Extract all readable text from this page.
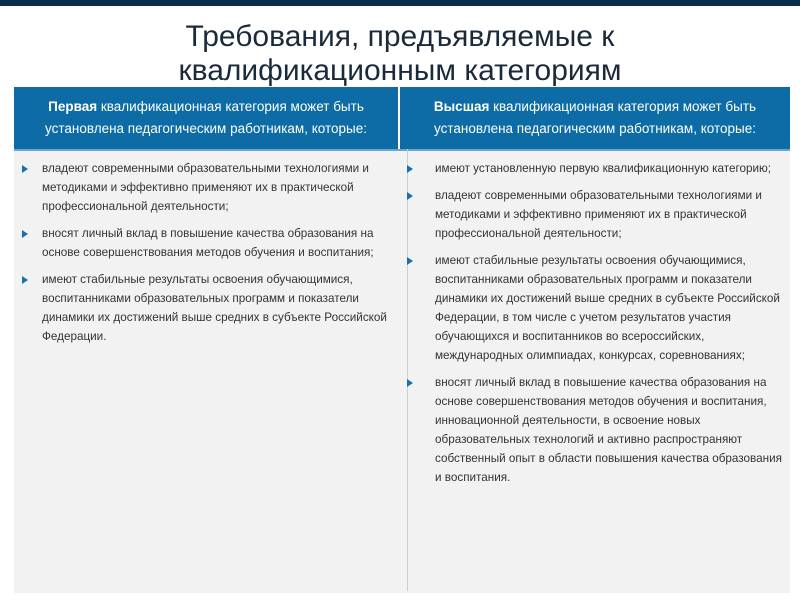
Требования, предъявляемые к
квалификационным категориям
Первая квалификационная категория может быть установлена педагогическим работникам, которые:
Высшая квалификационная категория может быть установлена педагогическим работникам, которые:
владеют современными образовательными технологиями и методиками и эффективно применяют их в практической профессиональной деятельности;
вносят личный вклад в повышение качества образования на основе совершенствования методов обучения и воспитания;
имеют стабильные результаты освоения обучающимися, воспитанниками образовательных программ и показатели динамики их достижений выше средних в субъекте Российской Федерации.
имеют установленную первую квалификационную категорию;
владеют современными образовательными технологиями и методиками и эффективно применяют их в практической профессиональной деятельности;
имеют стабильные результаты освоения обучающимися, воспитанниками образовательных программ и показатели динамики их достижений выше средних в субъекте Российской Федерации, в том числе с учетом результатов участия обучающихся и воспитанников во всероссийских, международных олимпиадах, конкурсах, соревнованиях;
вносят личный вклад в повышение качества образования на основе совершенствования методов обучения и воспитания, инновационной деятельности, в освоение новых образовательных технологий и активно распространяют собственный опыт в области повышения качества образования и воспитания.
